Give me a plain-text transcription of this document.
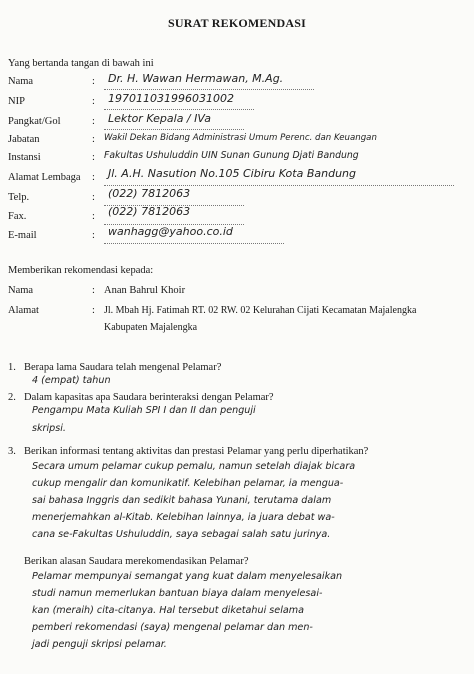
SURAT REKOMENDASI
Yang bertanda tangan di bawah ini
Nama	: Dr. H. Wawan Hermawan, M.Ag.
NIP	: 197011031996031002
Pangkat/Gol	: Lektor Kepala / IVa
Jabatan	: Wakil Dekan Bidang Administrasi Umum Perenc. dan Keuangan
Instansi	: Fakultas Ushuluddin UIN Sunan Gunung Djati Bandung
Alamat Lembaga : Jl. A.H. Nasution No.105 Cibiru Kota Bandung
Telp.	: (022) 7812063
Fax.	: (022) 7812063
E-mail	: wanhagg@yahoo.co.id
Memberikan rekomendasi kepada:
Nama	: Anan Bahrul Khoir
Alamat	: Jl. Mbah Hj. Fatimah RT. 02 RW. 02 Kelurahan Cijati Kecamatan Majalengka
Kabupaten Majalengka
1. Berapa lama Saudara telah mengenal Pelamar?
4 (empat) tahun
2. Dalam kapasitas apa Saudara berinteraksi dengan Pelamar?
Pengampu Mata Kuliah SPI I dan II dan penguji
skripsi.
3. Berikan informasi tentang aktivitas dan prestasi Pelamar yang perlu diperhatikan?
Secara umum pelamar cukup pemalu, namun setelah diajak bicara
cukup mengalir dan komunikatif. Kelebihan pelamar, ia mengua-
sai bahasa Inggris dan sedikit bahasa Yunani, terutama dalam
menerjemahkan al-Kitab. Kelebihan lainnya, ia juara debat wa-
cana se-Fakultas Ushuluddin, saya sebagai salah satu jurinya.
Berikan alasan Saudara merekomendasikan Pelamar?
Pelamar mempunyai semangat yang kuat dalam menyelesaikan
studi namun memerlukan bantuan biaya dalam menyelesai-
kan (meraih) cita-citanya. Hal tersebut diketahui selama
pemberi rekomendasi (saya) mengenal pelamar dan men-
jadi penguji skripsi pelamar.
